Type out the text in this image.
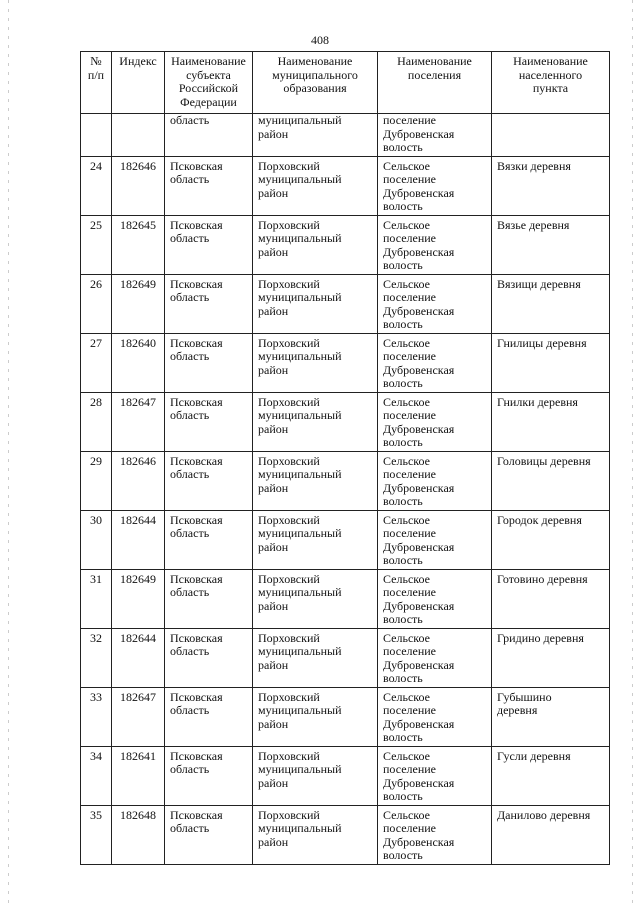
408
№
п/п	Индекс	Наименование
субъекта
Российской
Федерации	Наименование
муниципального
образования	Наименование
поселения	Наименование
населенного
пункта
		область	муниципальный
район	поселение
Дубровенская
волость	
24	182646	Псковская
область	Порховский
муниципальный
район	Сельское
поселение
Дубровенская
волость	Вязки деревня
25	182645	Псковская
область	Порховский
муниципальный
район	Сельское
поселение
Дубровенская
волость	Вязье деревня
26	182649	Псковская
область	Порховский
муниципальный
район	Сельское
поселение
Дубровенская
волость	Вязищи деревня
27	182640	Псковская
область	Порховский
муниципальный
район	Сельское
поселение
Дубровенская
волость	Гнилицы деревня
28	182647	Псковская
область	Порховский
муниципальный
район	Сельское
поселение
Дубровенская
волость	Гнилки деревня
29	182646	Псковская
область	Порховский
муниципальный
район	Сельское
поселение
Дубровенская
волость	Головицы деревня
30	182644	Псковская
область	Порховский
муниципальный
район	Сельское
поселение
Дубровенская
волость	Городок деревня
31	182649	Псковская
область	Порховский
муниципальный
район	Сельское
поселение
Дубровенская
волость	Готовино деревня
32	182644	Псковская
область	Порховский
муниципальный
район	Сельское
поселение
Дубровенская
волость	Гридино деревня
33	182647	Псковская
область	Порховский
муниципальный
район	Сельское
поселение
Дубровенская
волость	Губышино
деревня
34	182641	Псковская
область	Порховский
муниципальный
район	Сельское
поселение
Дубровенская
волость	Гусли деревня
35	182648	Псковская
область	Порховский
муниципальный
район	Сельское
поселение
Дубровенская
волость	Данилово деревня
